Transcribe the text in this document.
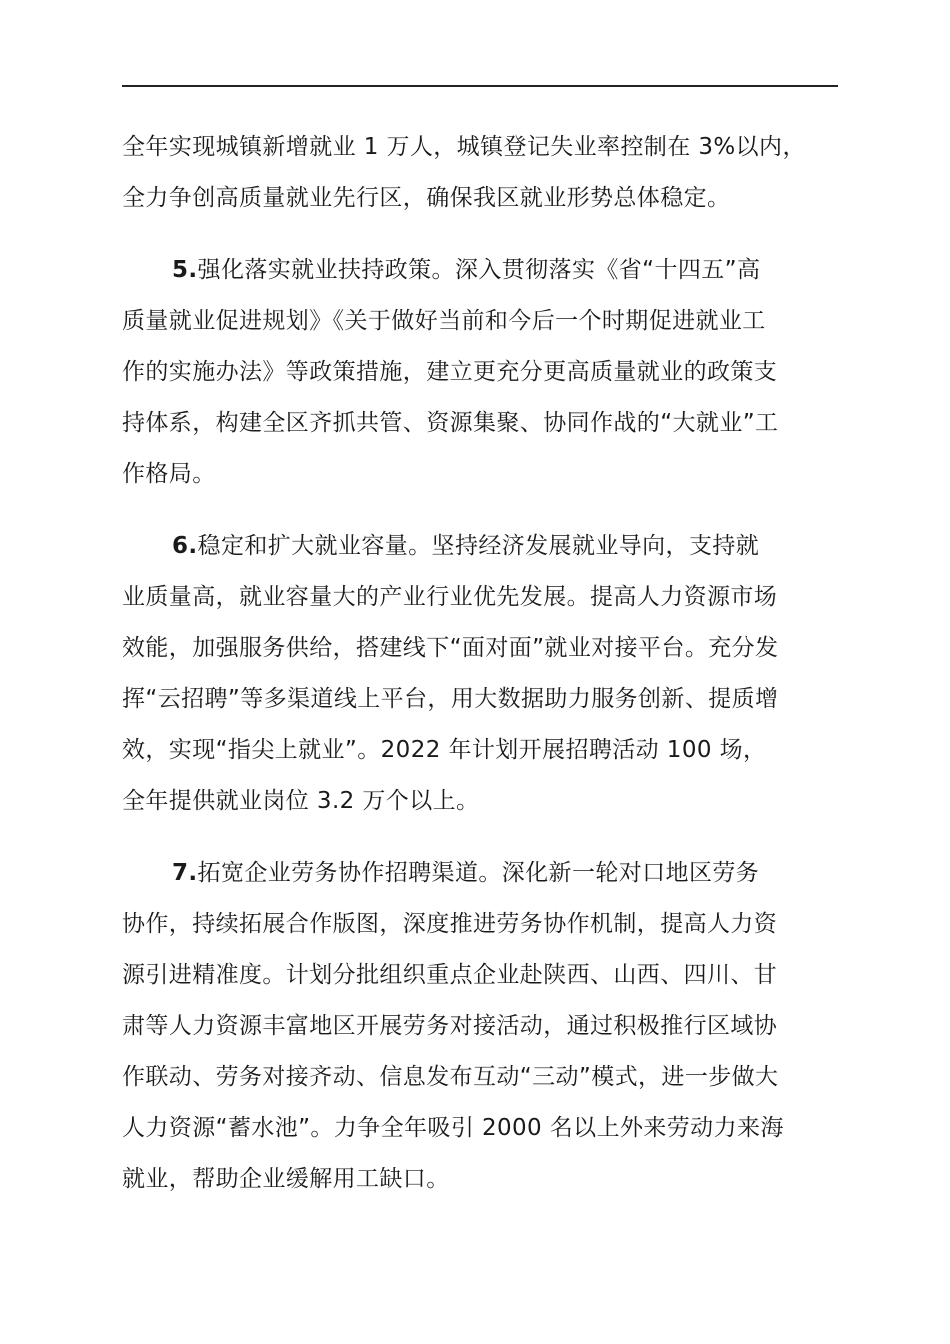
全年实现城镇新增就业 1 万人，城镇登记失业率控制在 3%以内，
全力争创高质量就业先行区，确保我区就业形势总体稳定。
5.强化落实就业扶持政策。深入贯彻落实《省“十四五”高
质量就业促进规划》《关于做好当前和今后一个时期促进就业工
作的实施办法》等政策措施，建立更充分更高质量就业的政策支
持体系，构建全区齐抓共管、资源集聚、协同作战的“大就业”工
作格局。
6.稳定和扩大就业容量。坚持经济发展就业导向，支持就
业质量高，就业容量大的产业行业优先发展。提高人力资源市场
效能，加强服务供给，搭建线下“面对面”就业对接平台。充分发
挥“云招聘”等多渠道线上平台，用大数据助力服务创新、提质增
效，实现“指尖上就业”。2022 年计划开展招聘活动 100 场，
全年提供就业岗位 3.2 万个以上。
7.拓宽企业劳务协作招聘渠道。深化新一轮对口地区劳务
协作，持续拓展合作版图，深度推进劳务协作机制，提高人力资
源引进精准度。计划分批组织重点企业赴陕西、山西、四川、甘
肃等人力资源丰富地区开展劳务对接活动，通过积极推行区域协
作联动、劳务对接齐动、信息发布互动“三动”模式，进一步做大
人力资源“蓄水池”。力争全年吸引 2000 名以上外来劳动力来海
就业，帮助企业缓解用工缺口。
